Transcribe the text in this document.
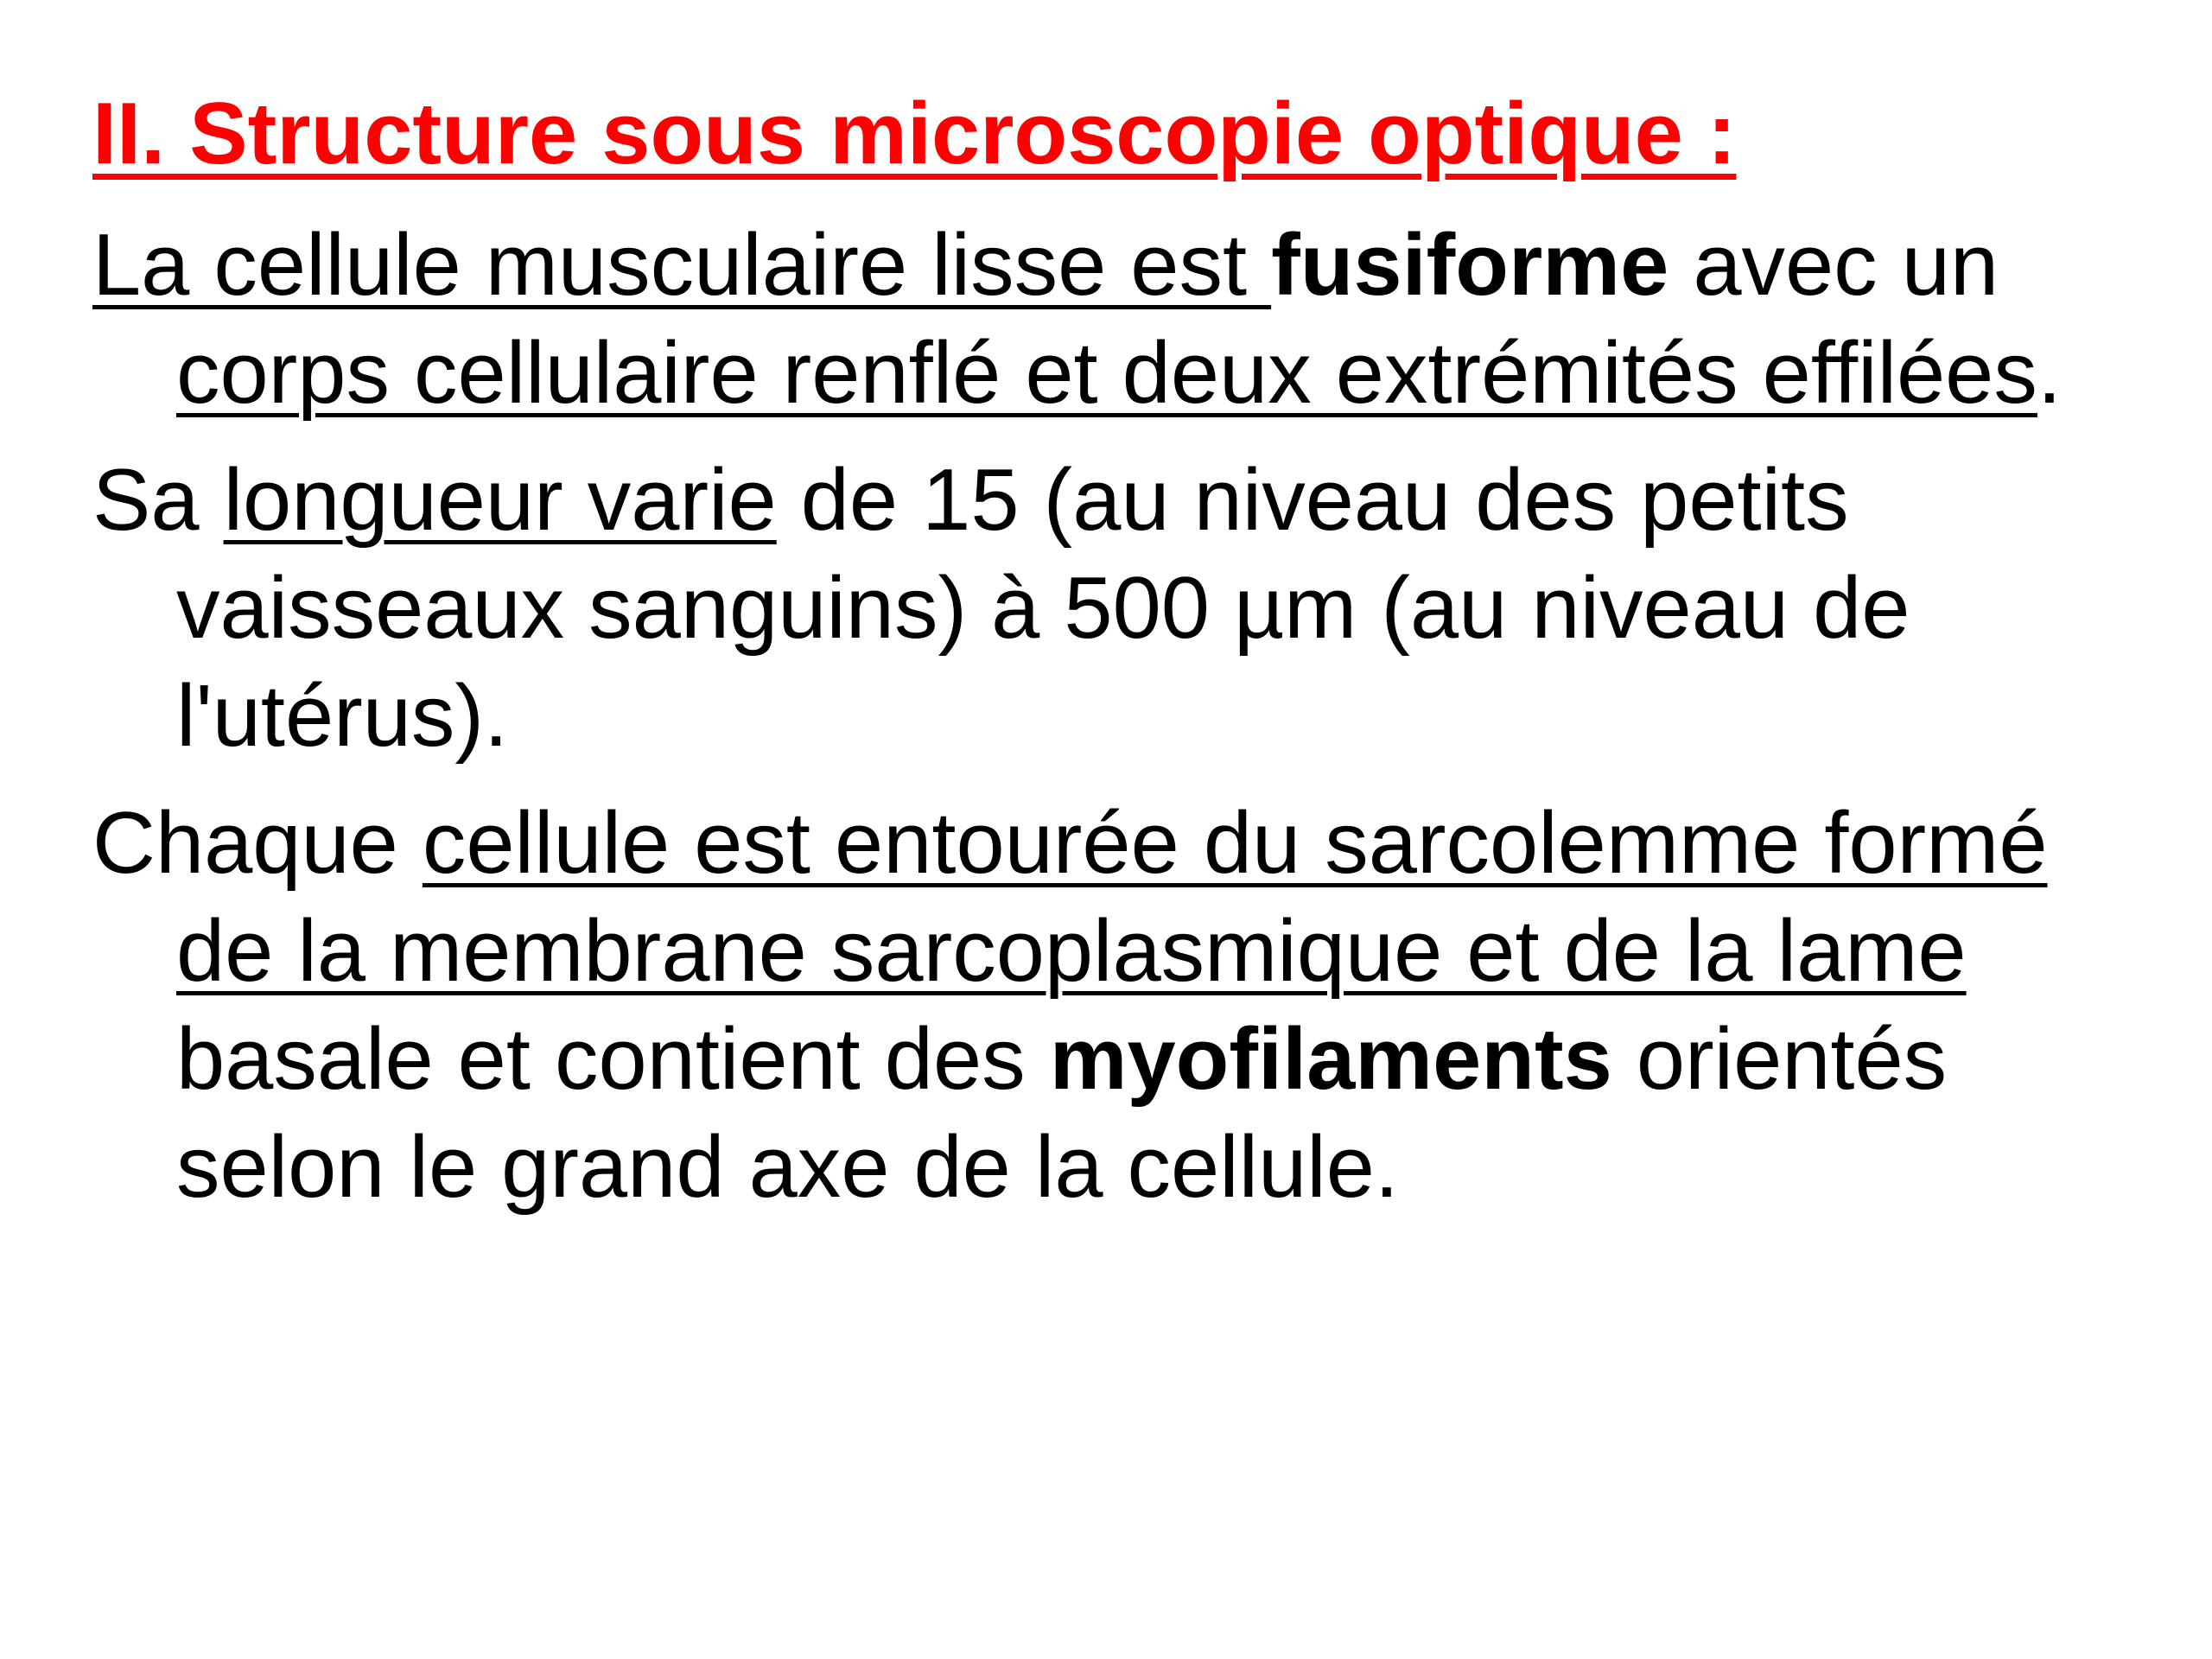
II. Structure sous microscopie optique :

La cellule musculaire lisse est fusiforme avec un corps cellulaire renflé et deux extrémités effilées.

Sa longueur varie de 15 (au niveau des petits vaisseaux sanguins) à 500 µm (au niveau de l'utérus).

Chaque cellule est entourée du sarcolemme formé de la membrane sarcoplasmique et de la lame basale et contient des myofilaments orientés selon le grand axe de la cellule.
